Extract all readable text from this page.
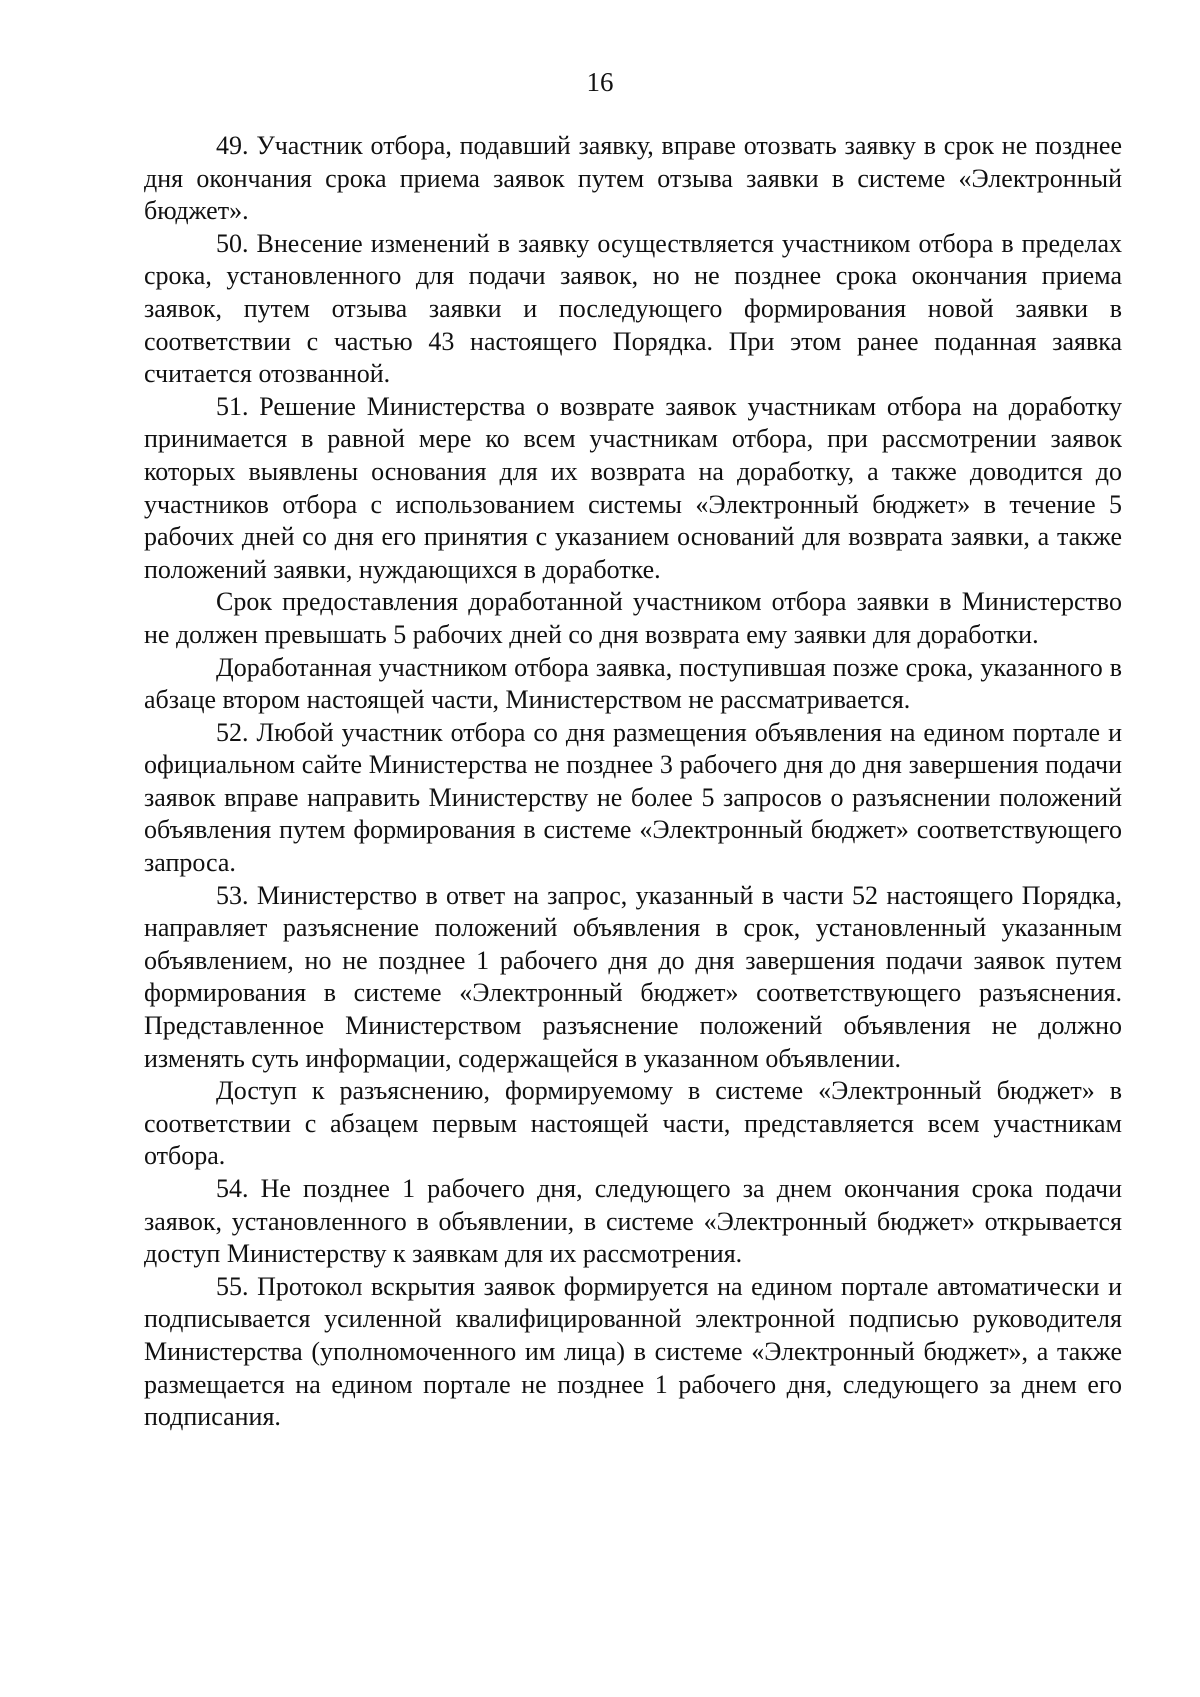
16

49. Участник отбора, подавший заявку, вправе отозвать заявку в срок не позднее дня окончания срока приема заявок путем отзыва заявки в системе «Электронный бюджет».

50. Внесение изменений в заявку осуществляется участником отбора в пределах срока, установленного для подачи заявок, но не позднее срока окончания приема заявок, путем отзыва заявки и последующего формирования новой заявки в соответствии с частью 43 настоящего Порядка. При этом ранее поданная заявка считается отозванной.

51. Решение Министерства о возврате заявок участникам отбора на доработку принимается в равной мере ко всем участникам отбора, при рассмотрении заявок которых выявлены основания для их возврата на доработку, а также доводится до участников отбора с использованием системы «Электронный бюджет» в течение 5 рабочих дней со дня его принятия с указанием оснований для возврата заявки, а также положений заявки, нуждающихся в доработке.

Срок предоставления доработанной участником отбора заявки в Министерство не должен превышать 5 рабочих дней со дня возврата ему заявки для доработки.

Доработанная участником отбора заявка, поступившая позже срока, указанного в абзаце втором настоящей части, Министерством не рассматривается.

52. Любой участник отбора со дня размещения объявления на едином портале и официальном сайте Министерства не позднее 3 рабочего дня до дня завершения подачи заявок вправе направить Министерству не более 5 запросов о разъяснении положений объявления путем формирования в системе «Электронный бюджет» соответствующего запроса.

53. Министерство в ответ на запрос, указанный в части 52 настоящего Порядка, направляет разъяснение положений объявления в срок, установленный указанным объявлением, но не позднее 1 рабочего дня до дня завершения подачи заявок путем формирования в системе «Электронный бюджет» соответствующего разъяснения. Представленное Министерством разъяснение положений объявления не должно изменять суть информации, содержащейся в указанном объявлении.

Доступ к разъяснению, формируемому в системе «Электронный бюджет» в соответствии с абзацем первым настоящей части, представляется всем участникам отбора.

54. Не позднее 1 рабочего дня, следующего за днем окончания срока подачи заявок, установленного в объявлении, в системе «Электронный бюджет» открывается доступ Министерству к заявкам для их рассмотрения.

55. Протокол вскрытия заявок формируется на едином портале автоматически и подписывается усиленной квалифицированной электронной подписью руководителя Министерства (уполномоченного им лица) в системе «Электронный бюджет», а также размещается на едином портале не позднее 1 рабочего дня, следующего за днем его подписания.
